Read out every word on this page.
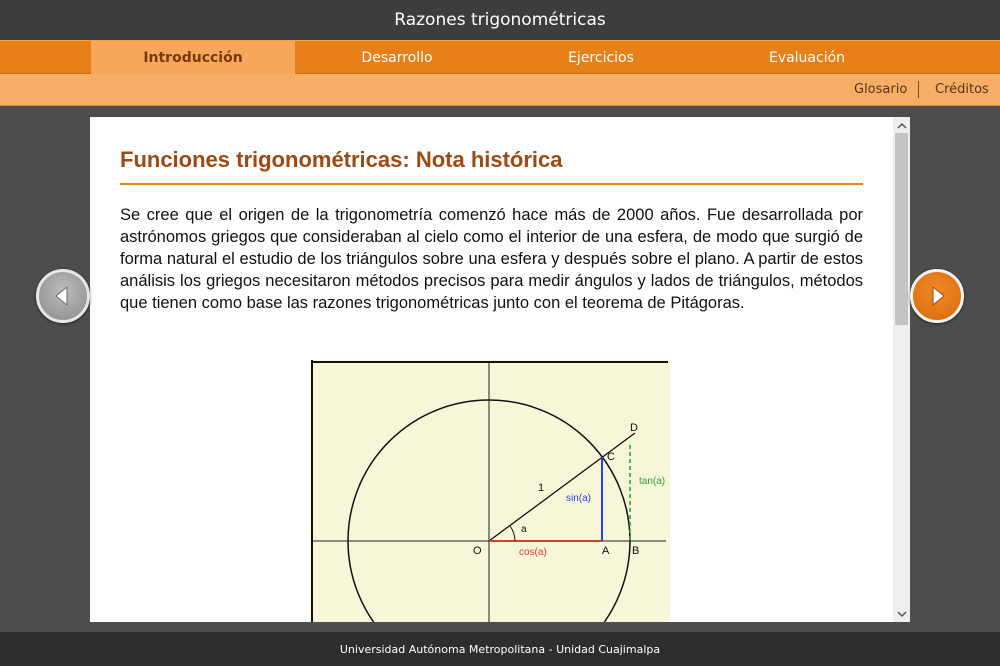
Razones trigonométricas
Introducción	Desarrollo	Ejercicios	Evaluación
Glosario Créditos
Funciones trigonométricas: Nota histórica
Se cree que el origen de la trigonometría comenzó hace más de 2000 años. Fue desarrollada por astrónomos griegos que consideraban al cielo como el interior de una esfera, de modo que surgió de forma natural el estudio de los triángulos sobre una esfera y después sobre el plano. A partir de estos análisis los griegos necesitaron métodos precisos para medir ángulos y lados de triángulos, métodos que tienen como base las razones trigonométricas junto con el teorema de Pitágoras.
D
C
1
sin(a)
tan(a)
a
O	cos(a)	A B
Universidad Autónoma Metropolitana - Unidad Cuajimalpa
